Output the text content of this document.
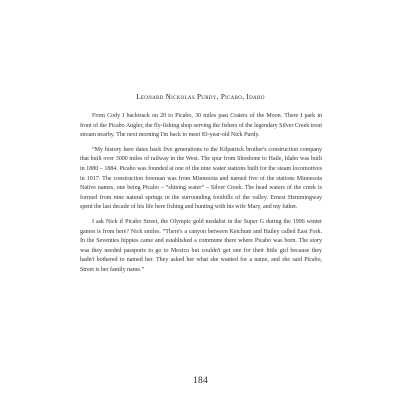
Leonard Nickolas Purdy, Picabo, Idaho

From Cody I backtrack on 20 to Picabo, 30 miles past Craters of the Moon. There I park in front of the Picabo Angler, the fly-fishing shop serving the fishers of the legendary Silver Creek trout stream nearby. The next morning I'm back to meet 83-year-old Nick Purdy.

“My history here dates back five generations to the Kilpatrick brother's construction company that built over 3000 miles of railway in the West. The spur from Shoshone to Haile, Idaho was built in 1880 – 1884. Picabo was founded at one of the nine water stations built for the steam locomotives in 1917. The construction foreman was from Minnesota and named five of the stations Minnesota Native names, one being Picabo – “shining water” – Silver Creek. The head waters of the creek is formed from nine natural springs in the surrounding foothills of the valley. Ernest Hemmingway spent the last decade of his life here fishing and hunting with his wife Mary, and my father.

I ask Nick if Picabo Street, the Olympic gold medalist in the Super G during the 1996 winter games is from here? Nick smiles. “There's a canyon between Ketchum and Hailey called East Fork. In the Seventies hippies came and established a commune there where Picabo was born. The story was they needed passports to go to Mexico but couldn't get one for their little girl because they hadn't bothered to named her. They asked her what she wanted for a name, and she said Picabo, Street is her family name.”

184
